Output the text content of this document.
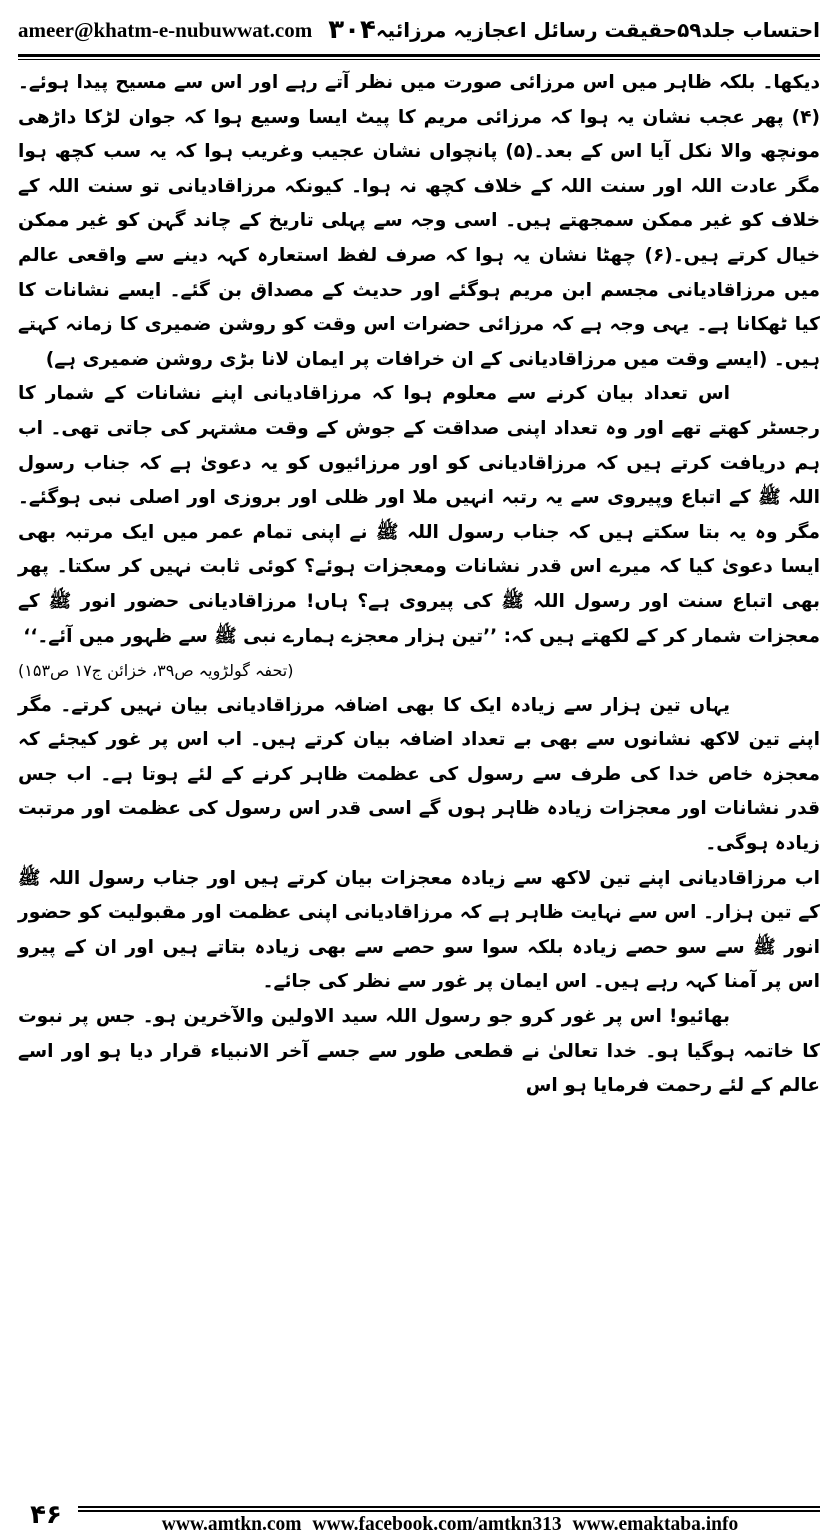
ameer@khatm-e-nubuwwat.com ۳۰۴ احتساب جلد۵۹حقیقت رسائل اعجازیہ مرزائیہ

دیکھا۔ بلکہ ظاہر میں اس مرزائی صورت میں نظر آتے رہے اور اس سے مسیح پیدا ہوئے۔(۴) پھر عجب نشان یہ ہوا کہ مرزائی مریم کا پیٹ ایسا وسیع ہوا کہ جوان لڑکا داڑھی مونچھ والا نکل آیا اس کے بعد۔(۵) پانچواں نشان عجیب وغریب ہوا کہ یہ سب کچھ ہوا مگر عادت اللہ اور سنت اللہ کے خلاف کچھ نہ ہوا۔ کیونکہ مرزاقادیانی تو سنت اللہ کے خلاف کو غیر ممکن سمجھتے ہیں۔ اسی وجہ سے پہلی تاریخ کے چاند گہن کو غیر ممکن خیال کرتے ہیں۔(۶) چھٹا نشان یہ ہوا کہ صرف لفظ استعارہ کہہ دینے سے واقعی عالم میں مرزاقادیانی مجسم ابن مریم ہوگئے اور حدیث کے مصداق بن گئے۔ ایسے نشانات کا کیا ٹھکانا ہے۔ یہی وجہ ہے کہ مرزائی حضرات اس وقت کو روشن ضمیری کا زمانہ کہتے ہیں۔ (ایسے وقت میں مرزاقادیانی کے ان خرافات پر ایمان لانا بڑی روشن ضمیری ہے)

اس تعداد بیان کرنے سے معلوم ہوا کہ مرزاقادیانی اپنے نشانات کے شمار کا رجسٹر کھتے تھے اور وہ تعداد اپنی صداقت کے جوش کے وقت مشتہر کی جاتی تھی۔ اب ہم دریافت کرتے ہیں کہ مرزاقادیانی کو اور مرزائیوں کو یہ دعویٰ ہے کہ جناب رسول اللہ ﷺ کے اتباع وپیروی سے یہ رتبہ انہیں ملا اور ظلی اور بروزی اور اصلی نبی ہوگئے۔ مگر وہ یہ بتا سکتے ہیں کہ جناب رسول اللہ ﷺ نے اپنی تمام عمر میں ایک مرتبہ بھی ایسا دعویٰ کیا کہ میرے اس قدر نشانات ومعجزات ہوئے؟ کوئی ثابت نہیں کر سکتا۔ پھر بھی اتباع سنت اور رسول اللہ ﷺ کی پیروی ہے؟ ہاں! مرزاقادیانی حضور انور ﷺ کے معجزات شمار کر کے لکھتے ہیں کہ: ’’تین ہزار معجزے ہمارے نبی ﷺ سے ظہور میں آئے۔‘‘

(تحفہ گولڑویہ ص۳۹، خزائن ج۱۷ ص۱۵۳)

یہاں تین ہزار سے زیادہ ایک کا بھی اضافہ مرزاقادیانی بیان نہیں کرتے۔ مگر اپنے تین لاکھ نشانوں سے بھی بے تعداد اضافہ بیان کرتے ہیں۔ اب اس پر غور کیجئے کہ معجزہ خاص خدا کی طرف سے رسول کی عظمت ظاہر کرنے کے لئے ہوتا ہے۔ اب جس قدر نشانات اور معجزات زیادہ ظاہر ہوں گے اسی قدر اس رسول کی عظمت اور مرتبت زیادہ ہوگی۔

اب مرزاقادیانی اپنے تین لاکھ سے زیادہ معجزات بیان کرتے ہیں اور جناب رسول اللہ ﷺ کے تین ہزار۔ اس سے نہایت ظاہر ہے کہ مرزاقادیانی اپنی عظمت اور مقبولیت کو حضور انور ﷺ سے سو حصے زیادہ بلکہ سوا سو حصے سے بھی زیادہ بتاتے ہیں اور ان کے پیرو اس پر آمنا کہہ رہے ہیں۔ اس ایمان پر غور سے نظر کی جائے۔

بھائیو! اس پر غور کرو جو رسول اللہ سید الاولین والآخرین ہو۔ جس پر نبوت کا خاتمہ ہوگیا ہو۔ خدا تعالیٰ نے قطعی طور سے جسے آخر الانبیاء قرار دیا ہو اور اسے عالم کے لئے رحمت فرمایا ہو اس

۴۶	www.amtkn.com www.facebook.com/amtkn313 www.emaktaba.info
